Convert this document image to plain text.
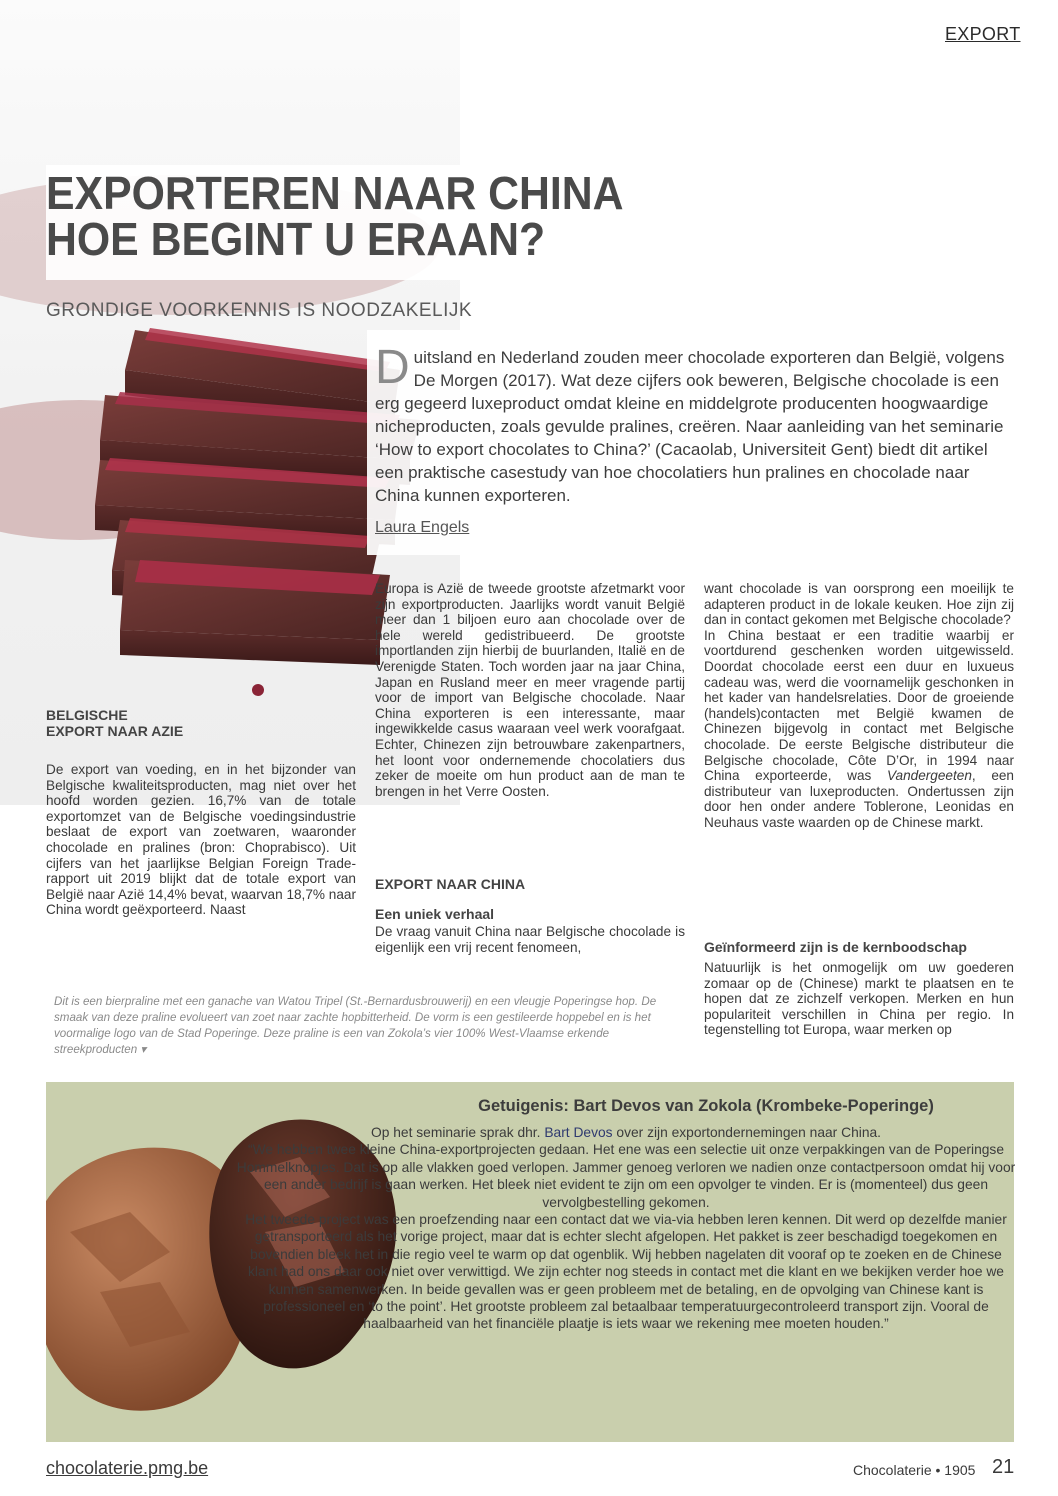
EXPORT
EXPORTEREN NAAR CHINA
HOE BEGINT U ERAAN?
GRONDIGE VOORKENNIS IS NOODZAKELIJK
Duitsland en Nederland zouden meer chocolade exporteren dan België, volgens De Morgen (2017). Wat deze cijfers ook beweren, Belgische chocolade is een erg gegeerd luxeproduct omdat kleine en middelgrote producenten hoogwaardige nicheproducten, zoals gevulde pralines, creëren. Naar aanleiding van het seminarie ‘How to export chocolates to China?’ (Cacaolab, Universiteit Gent) biedt dit artikel een praktische casestudy van hoe chocolatiers hun pralines en chocolade naar China kunnen exporteren.
Laura Engels
BELGISCHE
EXPORT NAAR AZIE
De export van voeding, en in het bijzonder van Belgische kwaliteitsproducten, mag niet over het hoofd worden gezien. 16,7% van de totale exportomzet van de Belgische voedingsindustrie beslaat de export van zoetwaren, waaronder chocolade en pralines (bron: Choprabisco). Uit cijfers van het jaarlijkse Belgian Foreign Trade-rapport uit 2019 blijkt dat de totale export van België naar Azië 14,4% bevat, waarvan 18,7% naar China wordt geëxporteerd. Naast
Europa is Azië de tweede grootste afzetmarkt voor zijn exportproducten. Jaarlijks wordt vanuit België meer dan 1 biljoen euro aan chocolade over de hele wereld gedistribueerd. De grootste importlanden zijn hierbij de buurlanden, Italië en de Verenigde Staten. Toch worden jaar na jaar China, Japan en Rusland meer en meer vragende partij voor de import van Belgische chocolade. Naar China exporteren is een interessante, maar ingewikkelde casus waaraan veel werk voorafgaat. Echter, Chinezen zijn betrouwbare zakenpartners, het loont voor ondernemende chocolatiers dus zeker de moeite om hun product aan de man te brengen in het Verre Oosten.
EXPORT NAAR CHINA
Een uniek verhaal
De vraag vanuit China naar Belgische chocolade is eigenlijk een vrij recent fenomeen,

want chocolade is van oorsprong een moeilijk te adapteren product in de lokale keuken. Hoe zijn zij dan in contact gekomen met Belgische chocolade?

In China bestaat er een traditie waarbij er voortdurend geschenken worden uitgewisseld. Doordat chocolade eerst een duur en luxueus cadeau was, werd die voornamelijk geschonken in het kader van handelsrelaties. Door de groeiende (handels)contacten met België kwamen de Chinezen bijgevolg in contact met Belgische chocolade. De eerste Belgische distributeur die Belgische chocolade, Côte D’Or, in 1994 naar China exporteerde, was Vandergeeten, een distributeur van luxeproducten. Ondertussen zijn door hen onder andere Toblerone, Leonidas en Neuhaus vaste waarden op de Chinese markt.

Geïnformeerd zijn is de kernboodschap
Natuurlijk is het onmogelijk om uw goederen zomaar op de (Chinese) markt te plaatsen en te hopen dat ze zichzelf verkopen. Merken en hun populariteit verschillen in China per regio. In tegenstelling tot Europa, waar merken op
Dit is een bierpraline met een ganache van Watou Tripel (St.-Bernardusbrouwerij) en een vleugje Poperingse hop. De smaak van deze praline evolueert van zoet naar zachte hopbitterheid. De vorm is een gestileerde hoppebel en is het voormalige logo van de Stad Poperinge. Deze praline is een van Zokola’s vier 100% West-Vlaamse erkende streekproducten ▾
Getuigenis: Bart Devos van Zokola (Krombeke-Poperinge)
Op het seminarie sprak dhr. Bart Devos over zijn exportondernemingen naar China.
“We hebben twee kleine China-exportprojecten gedaan. Het ene was een selectie uit onze verpakkingen van de Poperingse Hommelknopjes. Dat is op alle vlakken goed verlopen. Jammer genoeg verloren we nadien onze contactpersoon omdat hij voor een ander bedrijf is gaan werken. Het bleek niet evident te zijn om een opvolger te vinden. Er is (momenteel) dus geen vervolgbestelling gekomen.
Het tweede project was een proefzending naar een contact dat we via-via hebben leren kennen. Dit werd op dezelfde manier getransporteerd als het vorige project, maar dat is echter slecht afgelopen. Het pakket is zeer beschadigd toegekomen en bovendien bleek het in die regio veel te warm op dat ogenblik. Wij hebben nagelaten dit vooraf op te zoeken en de Chinese klant had ons daar ook niet over verwittigd. We zijn echter nog steeds in contact met die klant en we bekijken verder hoe we kunnen samenwerken. In beide gevallen was er geen probleem met de betaling, en de opvolging van Chinese kant is professioneel en ‘to the point’. Het grootste probleem zal betaalbaar temperatuurgecontroleerd transport zijn. Vooral de haalbaarheid van het financiële plaatje is iets waar we rekening mee moeten houden.”
chocolaterie.pmg.be	Chocolaterie • 1905 21
